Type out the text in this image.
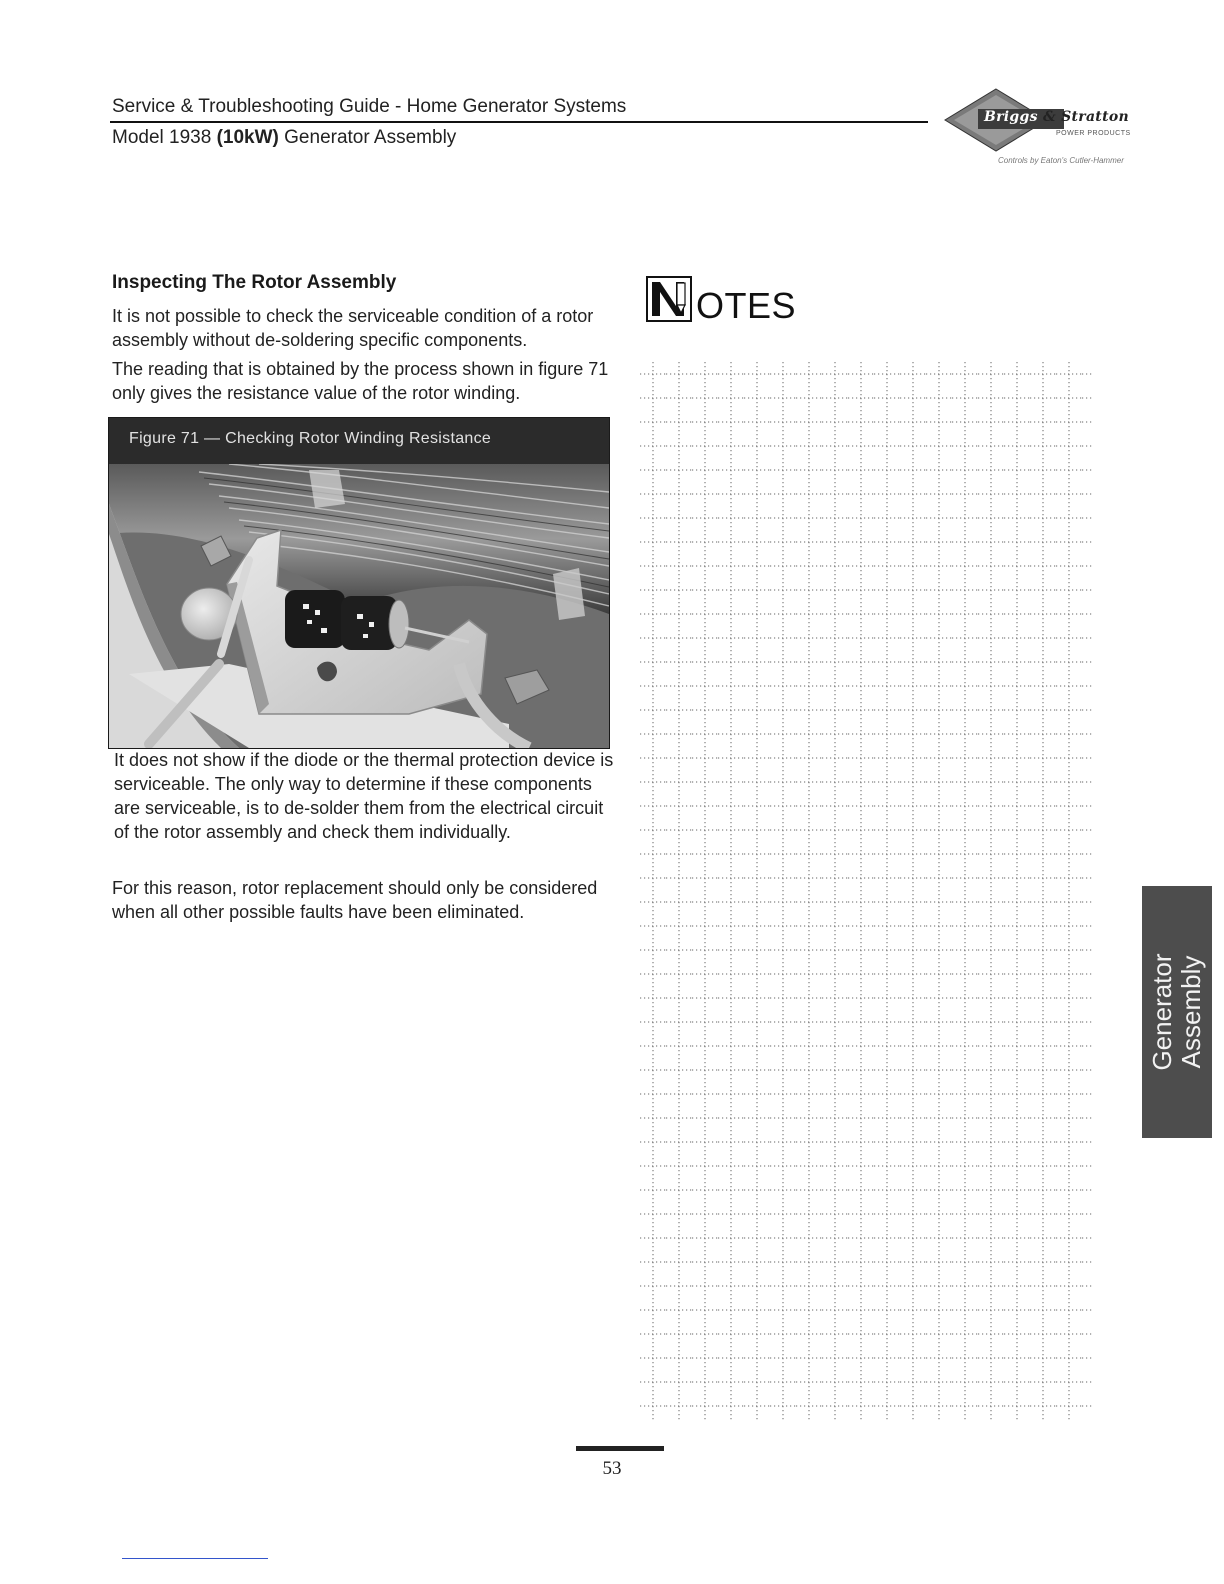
Service & Troubleshooting Guide - Home Generator Systems
Model 1938 (10kW) Generator Assembly
Briggs & Stratton
POWER PRODUCTS
Controls by Eaton's Cutler-Hammer
Inspecting The Rotor Assembly

It is not possible to check the serviceable condition of a rotor assembly without de-soldering specific components.

The reading that is obtained by the process shown in figure 71 only gives the resistance value of the rotor winding.

Figure 71 — Checking Rotor Winding Resistance

It does not show if the diode or the thermal protection device is serviceable. The only way to determine if these components are serviceable, is to de-solder them from the electrical circuit of the rotor assembly and check them individually.

For this reason, rotor replacement should only be considered when all other possible faults have been eliminated.

OTES
Generator Assembly
53
